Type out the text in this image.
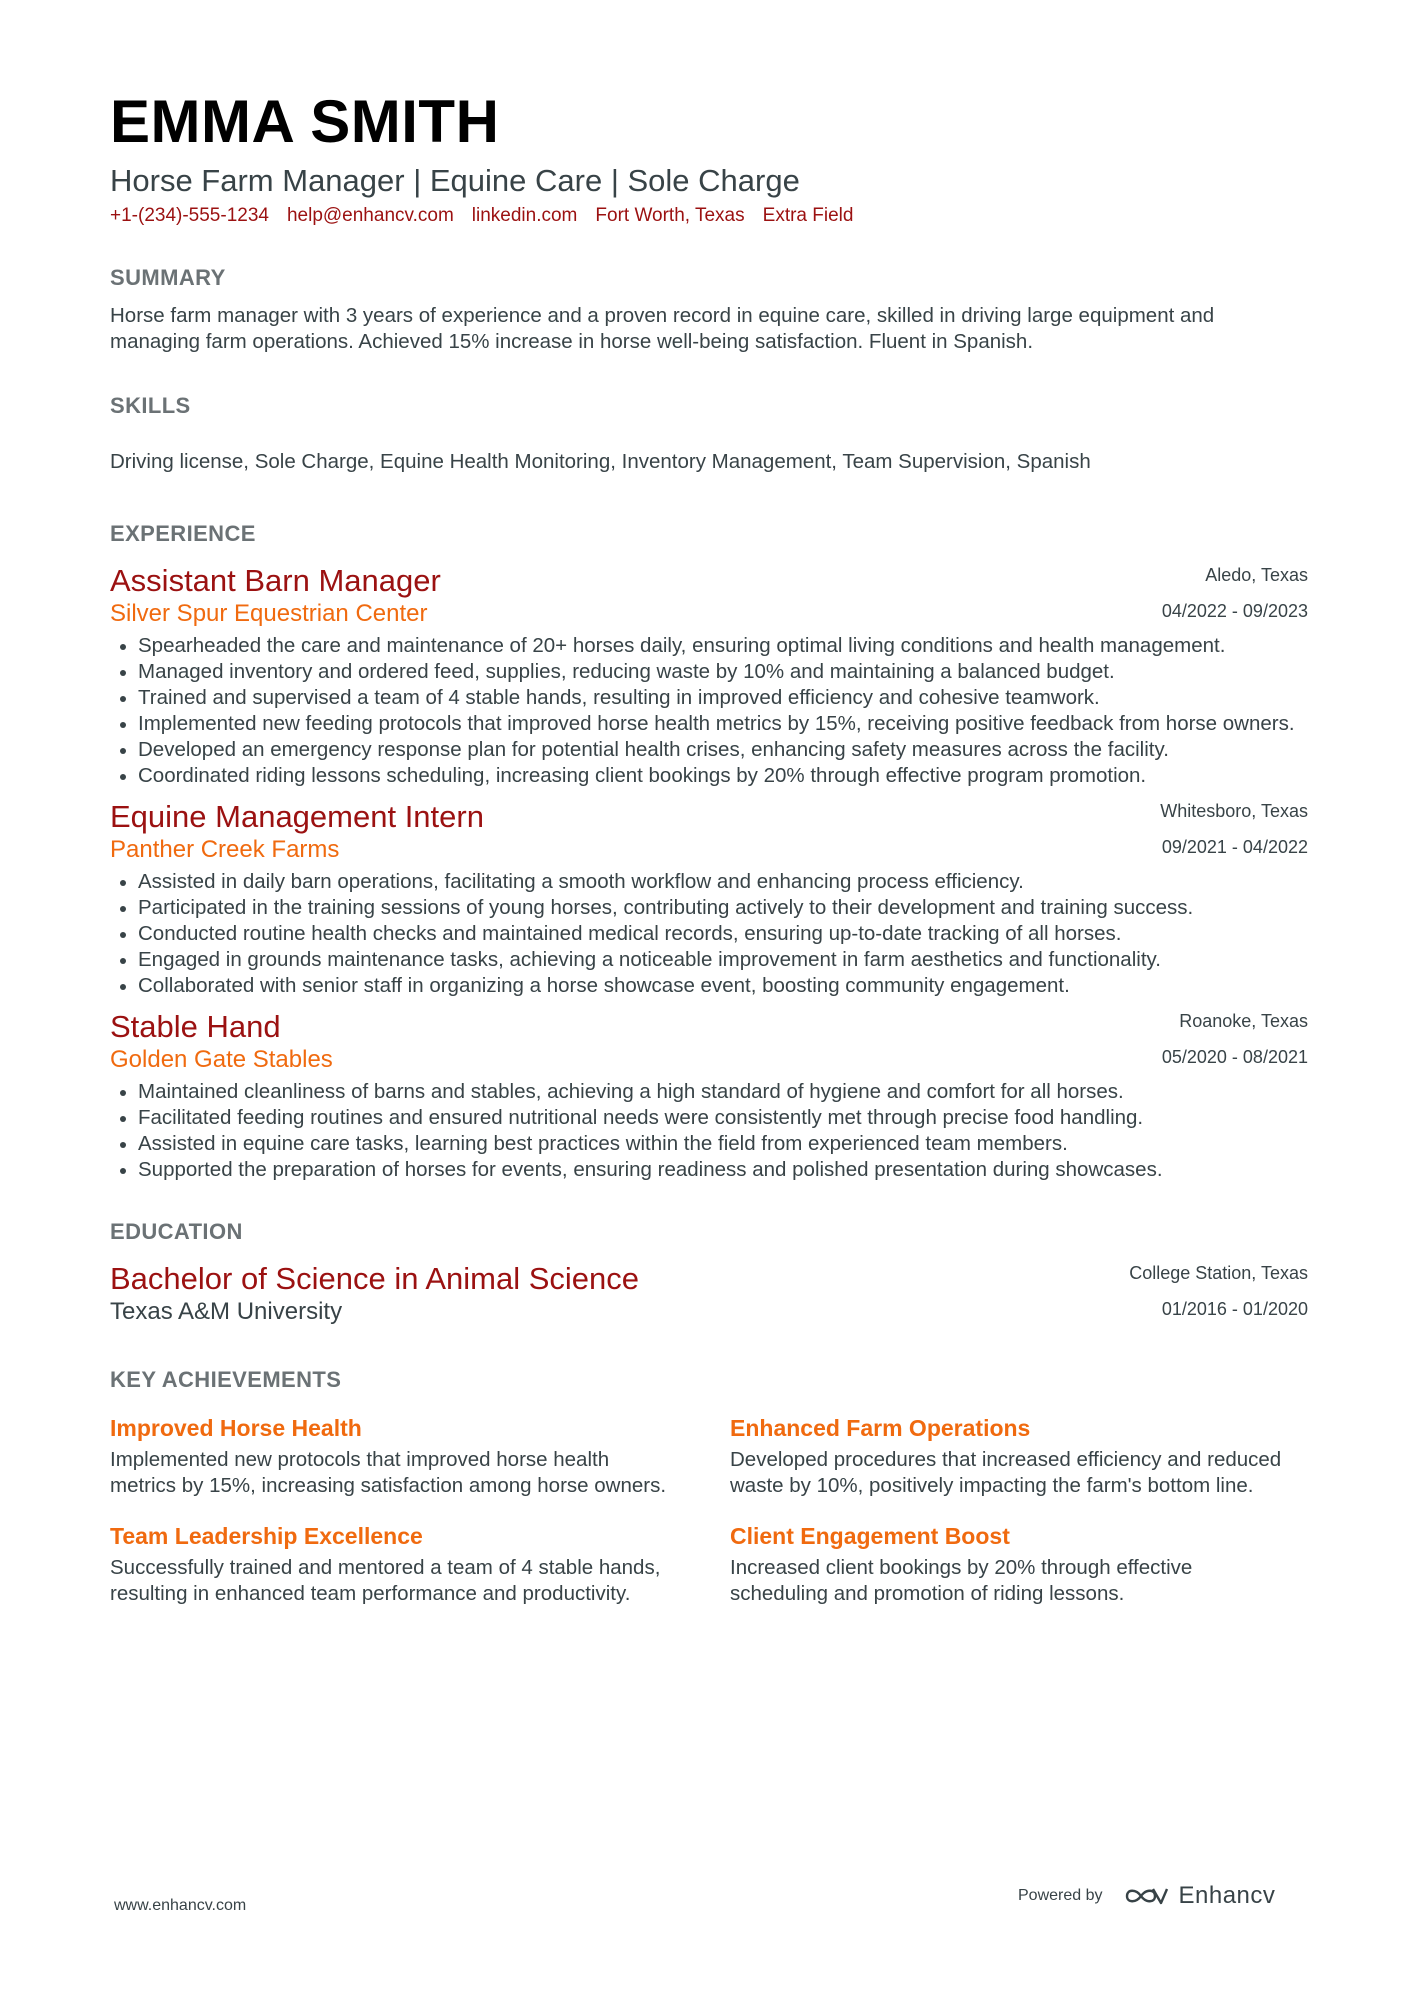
EMMA SMITH
Horse Farm Manager | Equine Care | Sole Charge
+1-(234)-555-1234 help@enhancv.com linkedin.com Fort Worth, Texas Extra Field
SUMMARY
Horse farm manager with 3 years of experience and a proven record in equine care, skilled in driving large equipment and managing farm operations. Achieved 15% increase in horse well-being satisfaction. Fluent in Spanish.
SKILLS
Driving license, Sole Charge, Equine Health Monitoring, Inventory Management, Team Supervision, Spanish
EXPERIENCE
Assistant Barn Manager
Silver Spur Equestrian Center
Aledo, Texas
04/2022 - 09/2023
Spearheaded the care and maintenance of 20+ horses daily, ensuring optimal living conditions and health management.
Managed inventory and ordered feed, supplies, reducing waste by 10% and maintaining a balanced budget.
Trained and supervised a team of 4 stable hands, resulting in improved efficiency and cohesive teamwork.
Implemented new feeding protocols that improved horse health metrics by 15%, receiving positive feedback from horse owners.
Developed an emergency response plan for potential health crises, enhancing safety measures across the facility.
Coordinated riding lessons scheduling, increasing client bookings by 20% through effective program promotion.
Equine Management Intern
Panther Creek Farms
Whitesboro, Texas
09/2021 - 04/2022
Assisted in daily barn operations, facilitating a smooth workflow and enhancing process efficiency.
Participated in the training sessions of young horses, contributing actively to their development and training success.
Conducted routine health checks and maintained medical records, ensuring up-to-date tracking of all horses.
Engaged in grounds maintenance tasks, achieving a noticeable improvement in farm aesthetics and functionality.
Collaborated with senior staff in organizing a horse showcase event, boosting community engagement.
Stable Hand
Golden Gate Stables
Roanoke, Texas
05/2020 - 08/2021
Maintained cleanliness of barns and stables, achieving a high standard of hygiene and comfort for all horses.
Facilitated feeding routines and ensured nutritional needs were consistently met through precise food handling.
Assisted in equine care tasks, learning best practices within the field from experienced team members.
Supported the preparation of horses for events, ensuring readiness and polished presentation during showcases.
EDUCATION
Bachelor of Science in Animal Science
Texas A&M University
College Station, Texas
01/2016 - 01/2020
KEY ACHIEVEMENTS
Improved Horse Health
Implemented new protocols that improved horse health metrics by 15%, increasing satisfaction among horse owners.
Enhanced Farm Operations
Developed procedures that increased efficiency and reduced waste by 10%, positively impacting the farm's bottom line.
Team Leadership Excellence
Successfully trained and mentored a team of 4 stable hands, resulting in enhanced team performance and productivity.
Client Engagement Boost
Increased client bookings by 20% through effective scheduling and promotion of riding lessons.
www.enhancv.com
Powered by	Enhancv
